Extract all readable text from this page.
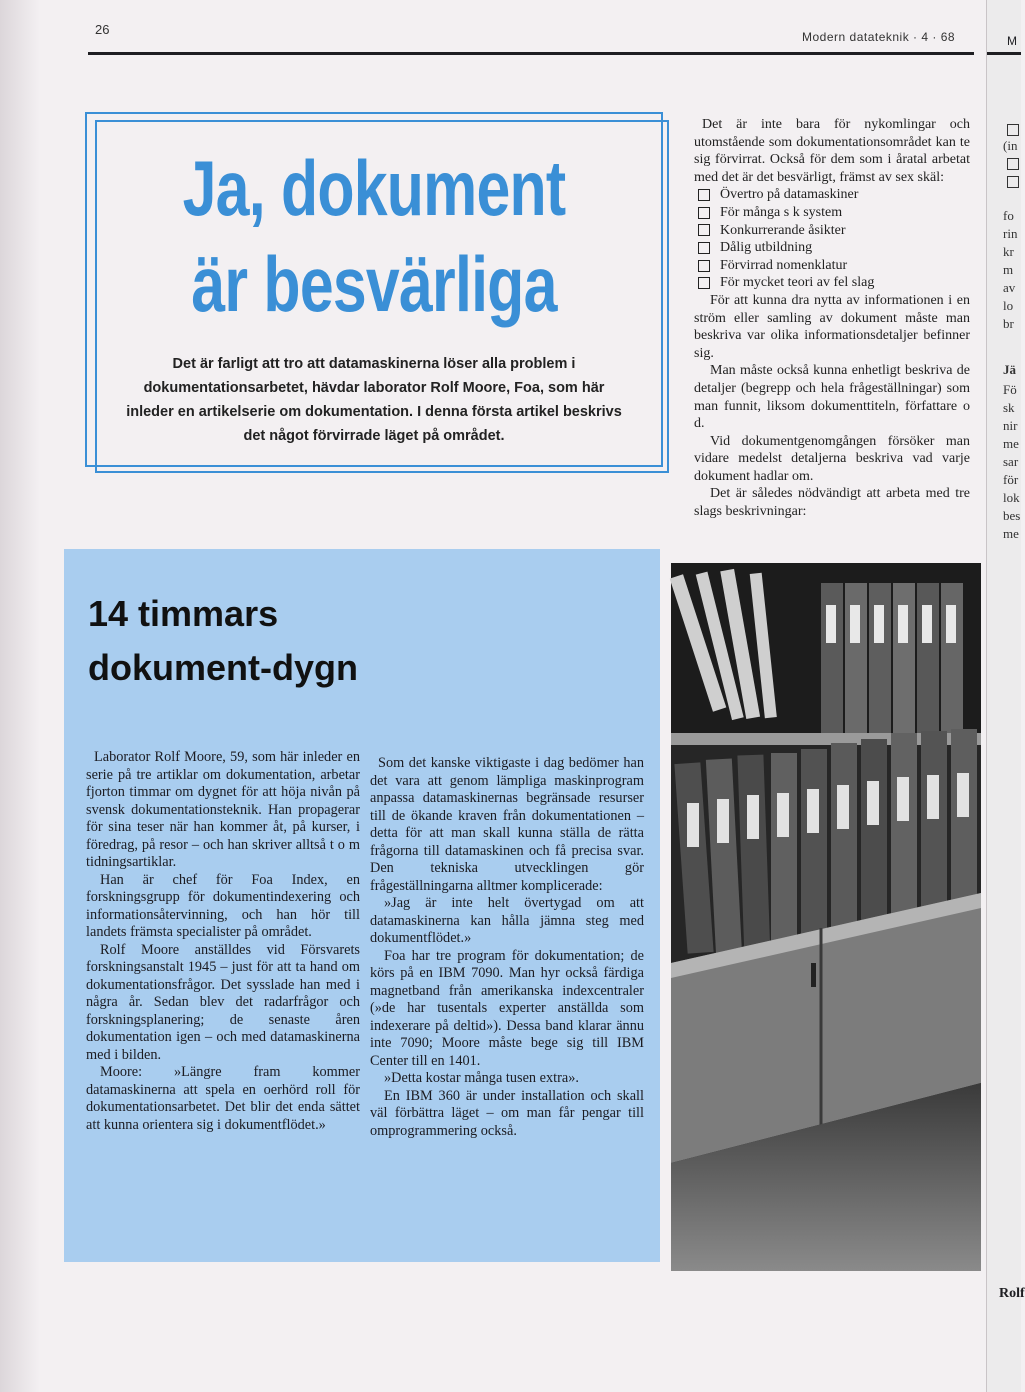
26	Modern datateknik · 4 · 68
Ja, dokument
är besvärliga
Det är farligt att tro att datamaskinerna löser alla problem i dokumentationsarbetet, hävdar laborator Rolf Moore, Foa, som här inleder en artikelserie om dokumentation. I denna första artikel beskrivs det något förvirrade läget på området.

Det är inte bara för nykomlingar och utomstående som dokumentationsområdet kan te sig förvirrat. Också för dem som i åratal arbetat med det är det besvärligt, främst av sex skäl:

Övertro på datamaskiner
För många s k system
Konkurrerande åsikter
Dålig utbildning
Förvirrad nomenklatur
För mycket teori av fel slag

För att kunna dra nytta av informationen i en ström eller samling av dokument måste man beskriva var olika informationsdetaljer befinner sig.

Man måste också kunna enhetligt beskriva de detaljer (begrepp och hela frågeställningar) som man funnit, liksom dokumenttiteln, författare o d.

Vid dokumentgenomgången försöker man vidare medelst detaljerna beskriva vad varje dokument hadlar om.

Det är således nödvändigt att arbeta med tre slags beskrivningar:

14 timmars
dokument-dygn

Laborator Rolf Moore, 59, som här inleder en serie på tre artiklar om dokumentation, arbetar fjorton timmar om dygnet för att höja nivån på svensk dokumentationsteknik. Han propagerar för sina teser när han kommer åt, på kurser, i föredrag, på resor – och han skriver alltså t o m tidningsartiklar.

Han är chef för Foa Index, en forskningsgrupp för dokumentindexering och informationsåtervinning, och han hör till landets främsta specialister på området.

Rolf Moore anställdes vid Försvarets forskningsanstalt 1945 – just för att ta hand om dokumentationsfrågor. Det sysslade han med i några år. Sedan blev det radarfrågor och forskningsplanering; de senaste åren dokumentation igen – och med datamaskinerna med i bilden.

Moore: »Längre fram kommer datamaskinerna att spela en oerhörd roll för dokumentationsarbetet. Det blir det enda sättet att kunna orientera sig i dokumentflödet.»

Som det kanske viktigaste i dag bedömer han det vara att genom lämpliga maskinprogram anpassa datamaskinernas begränsade resurser till de ökande kraven från dokumentationen – detta för att man skall kunna ställa de rätta frågorna till datamaskinen och få precisa svar. Den tekniska utvecklingen gör frågeställningarna alltmer komplicerade:

»Jag är inte helt övertygad om att datamaskinerna kan hålla jämna steg med dokumentflödet.»

Foa har tre program för dokumentation; de körs på en IBM 7090. Man hyr också färdiga magnetband från amerikanska indexcentraler (»de har tusentals experter anställda som indexerare på deltid»). Dessa band klarar ännu inte 7090; Moore måste bege sig till IBM Center till en 1401.

»Detta kostar många tusen extra».

En IBM 360 är under installation och skall väl förbättra läget – om man får pengar till omprogrammering också.

M
(in
fo
rin
kr
m
av
lo
br
Jä
Fö
sk
nir
me
sar
för
lok
bes
me
Rolf
